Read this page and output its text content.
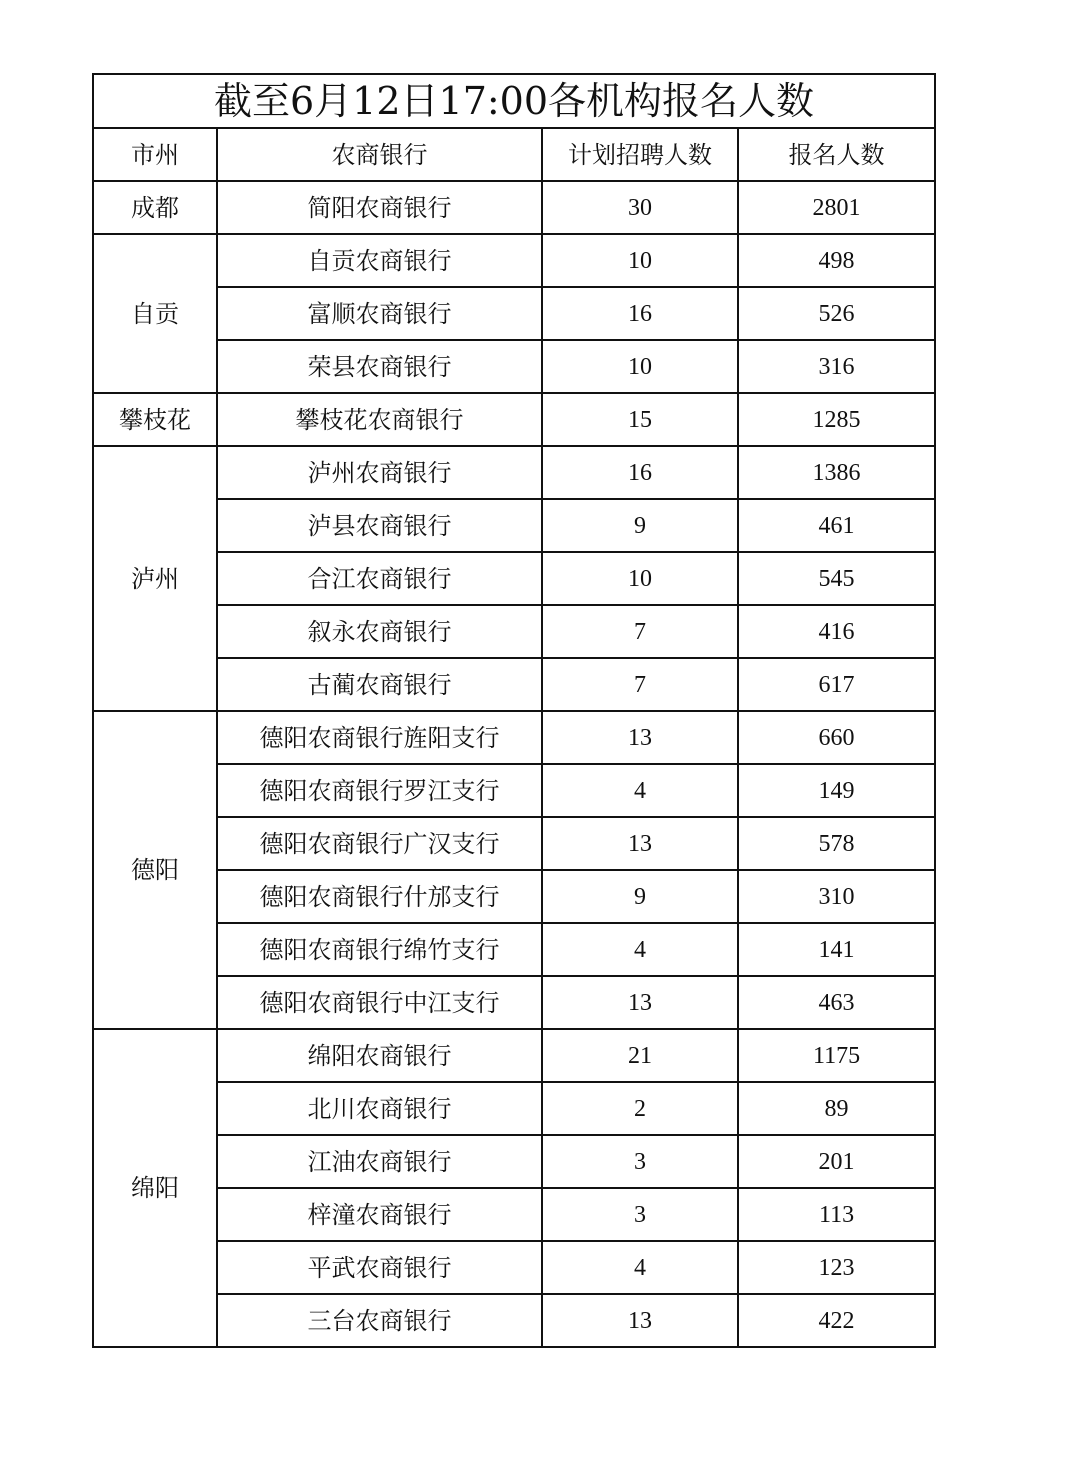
截至6月12日17:00各机构报名人数			
市州	农商银行	计划招聘人数	报名人数
成都	简阳农商银行	30	2801
自贡	自贡农商银行	10	498
	富顺农商银行	16	526
	荣县农商银行	10	316
攀枝花	攀枝花农商银行	15	1285
泸州	泸州农商银行	16	1386
	泸县农商银行	9	461
	合江农商银行	10	545
	叙永农商银行	7	416
	古蔺农商银行	7	617
德阳	德阳农商银行旌阳支行	13	660
	德阳农商银行罗江支行	4	149
	德阳农商银行广汉支行	13	578
	德阳农商银行什邡支行	9	310
	德阳农商银行绵竹支行	4	141
	德阳农商银行中江支行	13	463
绵阳	绵阳农商银行	21	1175
	北川农商银行	2	89
	江油农商银行	3	201
	梓潼农商银行	3	113
	平武农商银行	4	123
	三台农商银行	13	422
